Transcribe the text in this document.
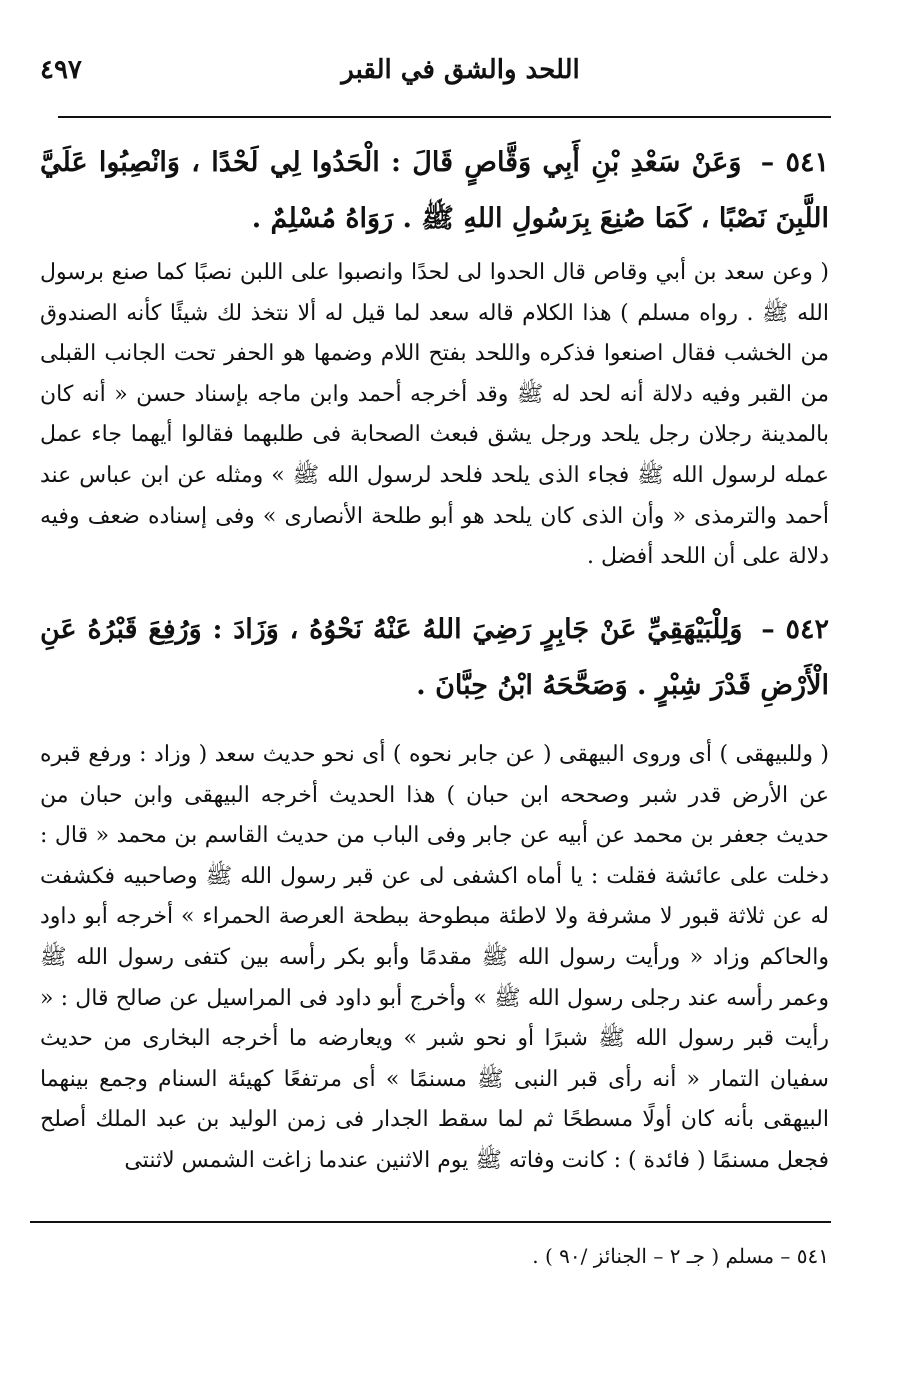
٤٩٧	اللحد والشق في القبر
٥٤١ – وَعَنْ سَعْدِ بْنِ أَبِي وَقَّاصٍ قَالَ : الْحَدُوا لِي لَحْدًا ، وَانْصِبُوا عَلَيَّ اللَّبِنَ نَصْبًا ، كَمَا صُنِعَ بِرَسُولِ اللهِ ﷺ . رَوَاهُ مُسْلِمٌ .
( وعن سعد بن أبي وقاص قال الحدوا لى لحدًا وانصبوا على اللبن نصبًا كما صنع برسول الله ﷺ . رواه مسلم ) هذا الكلام قاله سعد لما قيل له ألا نتخذ لك شيئًا كأنه الصندوق من الخشب فقال اصنعوا فذكره واللحد بفتح اللام وضمها هو الحفر تحت الجانب القبلى من القبر وفيه دلالة أنه لحد له ﷺ وقد أخرجه أحمد وابن ماجه بإسناد حسن « أنه كان بالمدينة رجلان رجل يلحد ورجل يشق فبعث الصحابة فى طلبهما فقالوا أيهما جاء عمل عمله لرسول الله ﷺ فجاء الذى يلحد فلحد لرسول الله ﷺ » ومثله عن ابن عباس عند أحمد والترمذى « وأن الذى كان يلحد هو أبو طلحة الأنصارى » وفى إسناده ضعف وفيه دلالة على أن اللحد أفضل .
٥٤٢ – وَلِلْبَيْهَقِيِّ عَنْ جَابِرٍ رَضِيَ اللهُ عَنْهُ نَحْوُهُ ، وَزَادَ : وَرُفِعَ قَبْرُهُ عَنِ الْأَرْضِ قَدْرَ شِبْرٍ . وَصَحَّحَهُ ابْنُ حِبَّانَ .
( وللبيهقى ) أى وروى البيهقى ( عن جابر نحوه ) أى نحو حديث سعد ( وزاد : ورفع قبره عن الأرض قدر شبر وصححه ابن حبان ) هذا الحديث أخرجه البيهقى وابن حبان من حديث جعفر بن محمد عن أبيه عن جابر وفى الباب من حديث القاسم بن محمد « قال : دخلت على عائشة فقلت : يا أماه اكشفى لى عن قبر رسول الله ﷺ وصاحبيه فكشفت له عن ثلاثة قبور لا مشرفة ولا لاطئة مبطوحة ببطحة العرصة الحمراء » أخرجه أبو داود والحاكم وزاد « ورأيت رسول الله ﷺ مقدمًا وأبو بكر رأسه بين كتفى رسول الله ﷺ وعمر رأسه عند رجلى رسول الله ﷺ » وأخرج أبو داود فى المراسيل عن صالح قال : « رأيت قبر رسول الله ﷺ شبرًا أو نحو شبر » ويعارضه ما أخرجه البخارى من حديث سفيان التمار « أنه رأى قبر النبى ﷺ مسنمًا » أى مرتفعًا كهيئة السنام وجمع بينهما البيهقى بأنه كان أولًا مسطحًا ثم لما سقط الجدار فى زمن الوليد بن عبد الملك أصلح فجعل مسنمًا ( فائدة ) : كانت وفاته ﷺ يوم الاثنين عندما زاغت الشمس لاثنتى
٥٤١ – مسلم ( جـ ٢ – الجنائز /٩٠ ) .
